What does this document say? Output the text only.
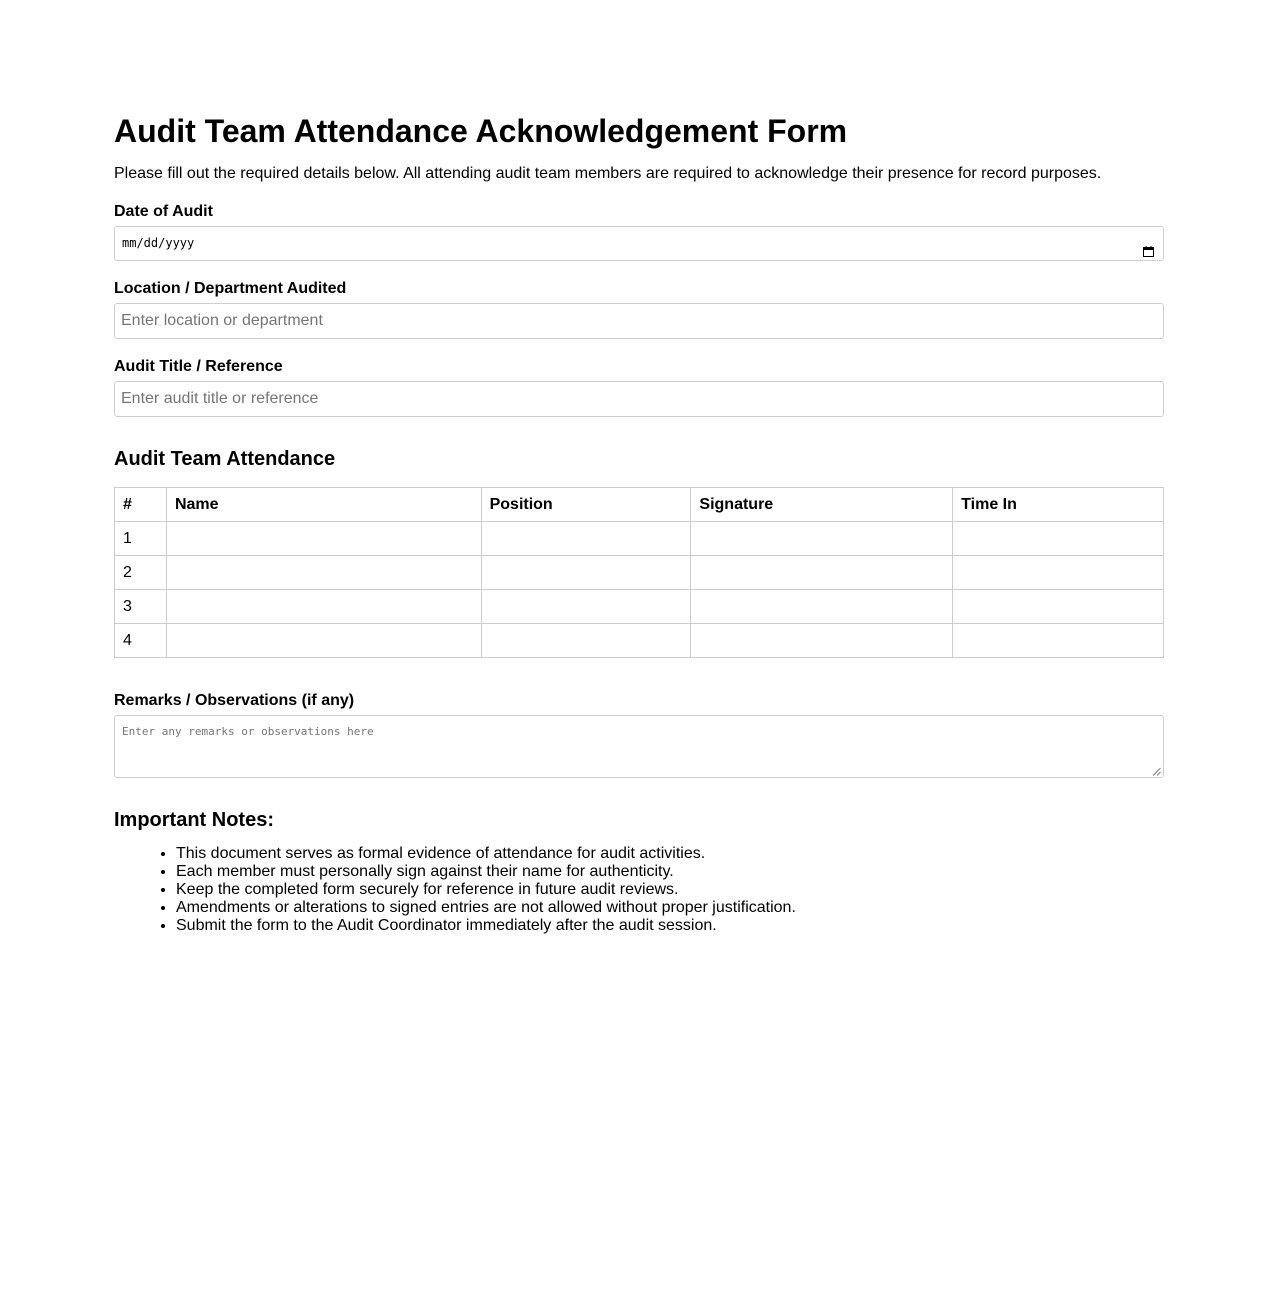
Audit Team Attendance Acknowledgement Form

Please fill out the required details below. All attending audit team members are required to acknowledge their presence for record purposes.

Date of Audit
mm/dd/yyyy
Location / Department Audited
Enter location or department
Audit Title / Reference
Enter audit title or reference
Audit Team Attendance
#	Name	Position	Signature	Time In
1				
2				
3				
4				
Remarks / Observations (if any)
Enter any remarks or observations here
Important Notes:
• This document serves as formal evidence of attendance for audit activities.
• Each member must personally sign against their name for authenticity.
• Keep the completed form securely for reference in future audit reviews.
• Amendments or alterations to signed entries are not allowed without proper justification.
• Submit the form to the Audit Coordinator immediately after the audit session.
